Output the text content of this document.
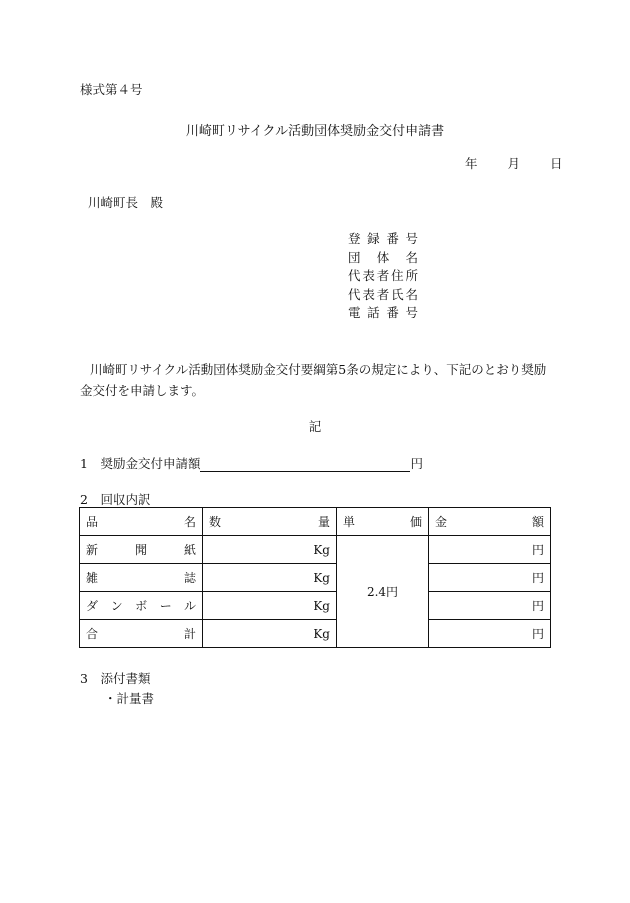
様式第４号
川崎町リサイクル活動団体奨励金交付申請書
年 月 日
川崎町長　殿
登録番号
団体名
代表者住所
代表者氏名
電話番号
川崎町リサイクル活動団体奨励金交付要綱第5条の規定により、下記のとおり奨励金交付を申請します。
記
1　奨励金交付申請額	円
2　回収内訳
品 名	数 量	単 価	金 額

新聞紙	Kg	2.4円	円
雑誌	Kg		円
ダンボール	Kg		円
合計	Kg		円
3　添付書類
・計量書
